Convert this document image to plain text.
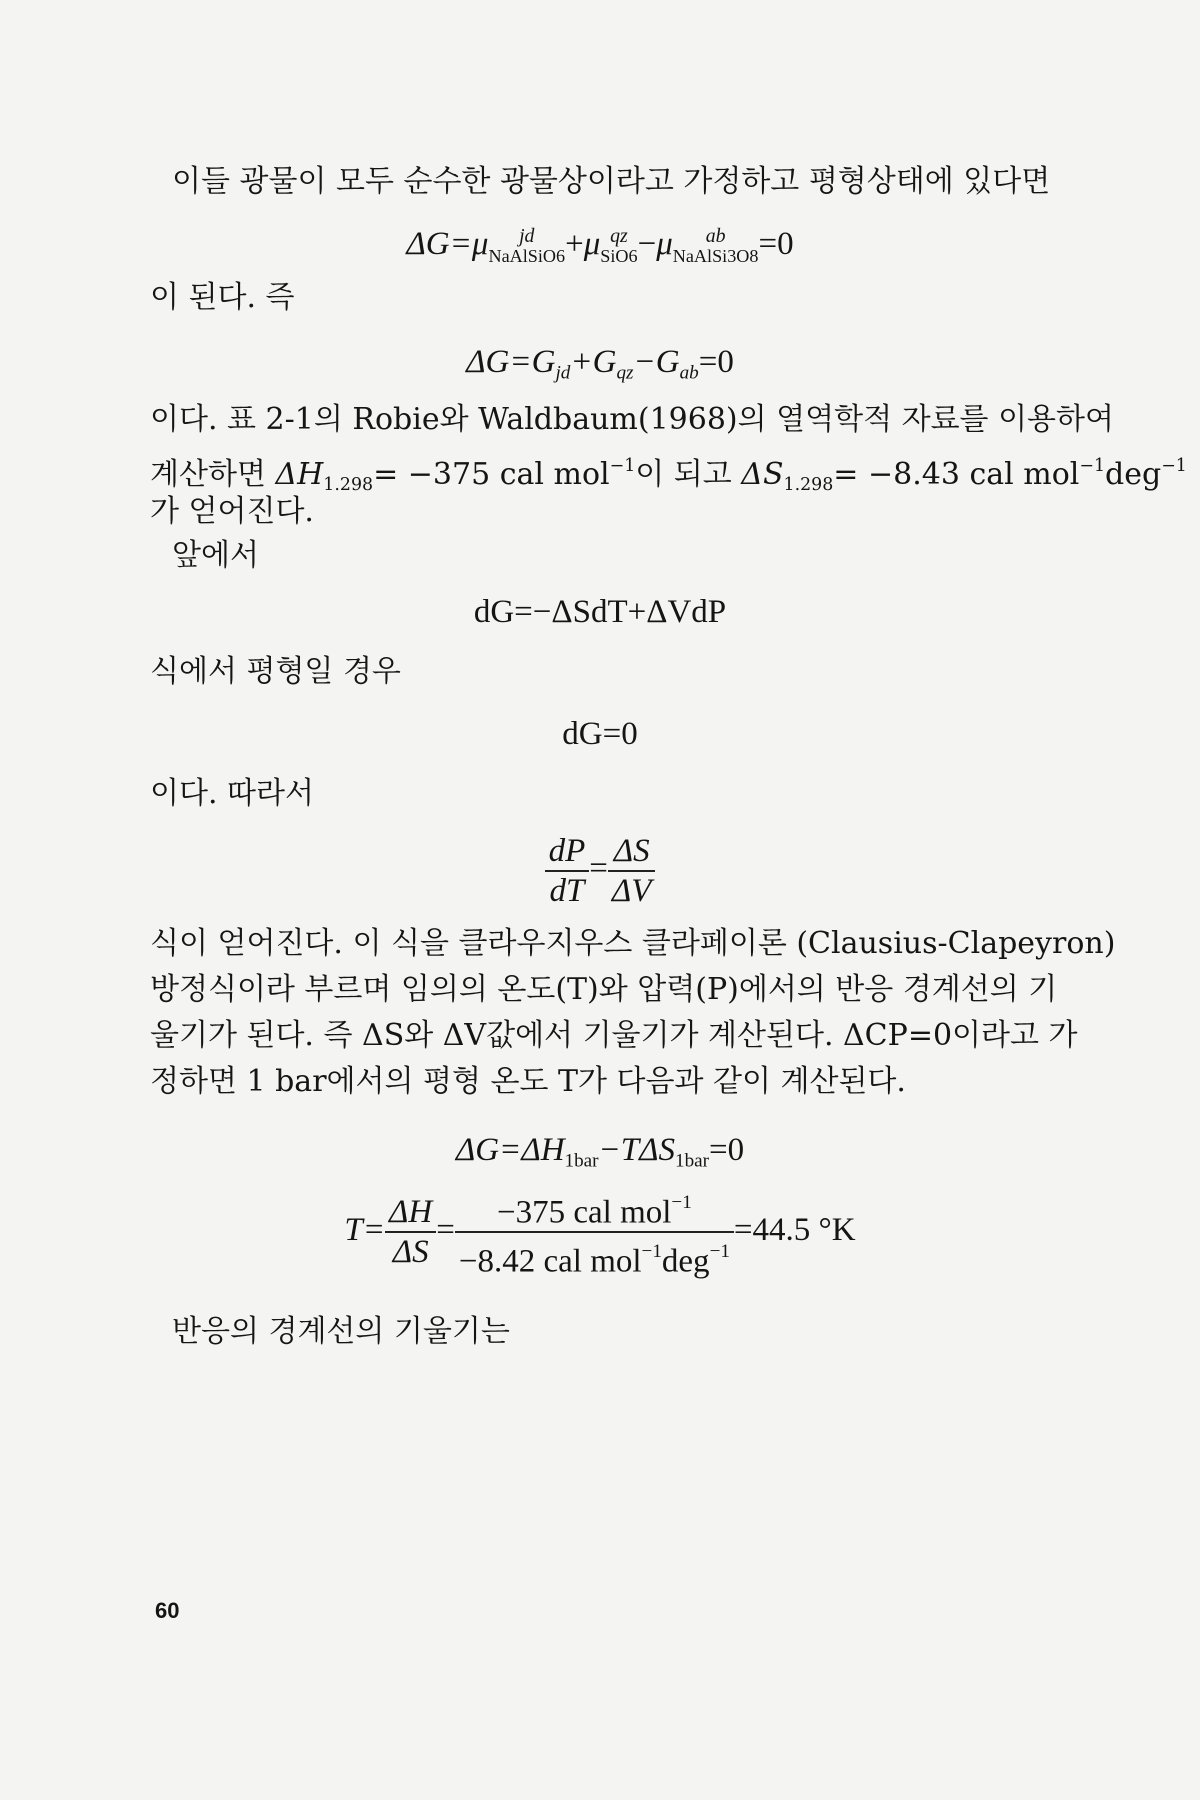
이들 광물이 모두 순수한 광물상이라고 가정하고 평형상태에 있다면
ΔG=μ	jd
NaAlSiO6 +μ qz
SiO6 −μ	ab
NaAlSi3O8 =0
이 된다. 즉
$\Delta G=G_{jd}+G_{qz}-G_{ab}=0$
이다. 표 2-1의 Robie와 Waldbaum(1968)의 열역학적 자료를 이용하여
계산하면 $\Delta H_{1.298}= -375$ cal mol$^{-1}$이 되고 $\Delta S_{1.298}= -8.43$ cal mol$^{-1}$deg$^{-1}$
가 얻어진다.
앞에서
dG=−ΔSdT+ΔVdP
식에서 평형일 경우
dG=0
이다. 따라서
$\frac{dP}{dT} = \frac{\Delta S}{\Delta V}$
식이 얻어진다. 이 식을 클라우지우스 클라페이론 (Clausius-Clapeyron)
방정식이라 부르며 임의의 온도(T)와 압력(P)에서의 반응 경계선의 기
울기가 된다. 즉 ΔS와 ΔV값에서 기울기가 계산된다. ΔCP=0이라고 가
정하면 1 bar에서의 평형 온도 T가 다음과 같이 계산된다.
$\Delta G=\Delta H_{1bar}-T\Delta S_{1bar}=0$
$T= \frac{\Delta H}{\Delta S} = \frac{-375 cal mol^{-1}}{-8.42 cal mol^{-1}deg^{-1}} =44.5$ °K
반응의 경계선의 기울기는
60
